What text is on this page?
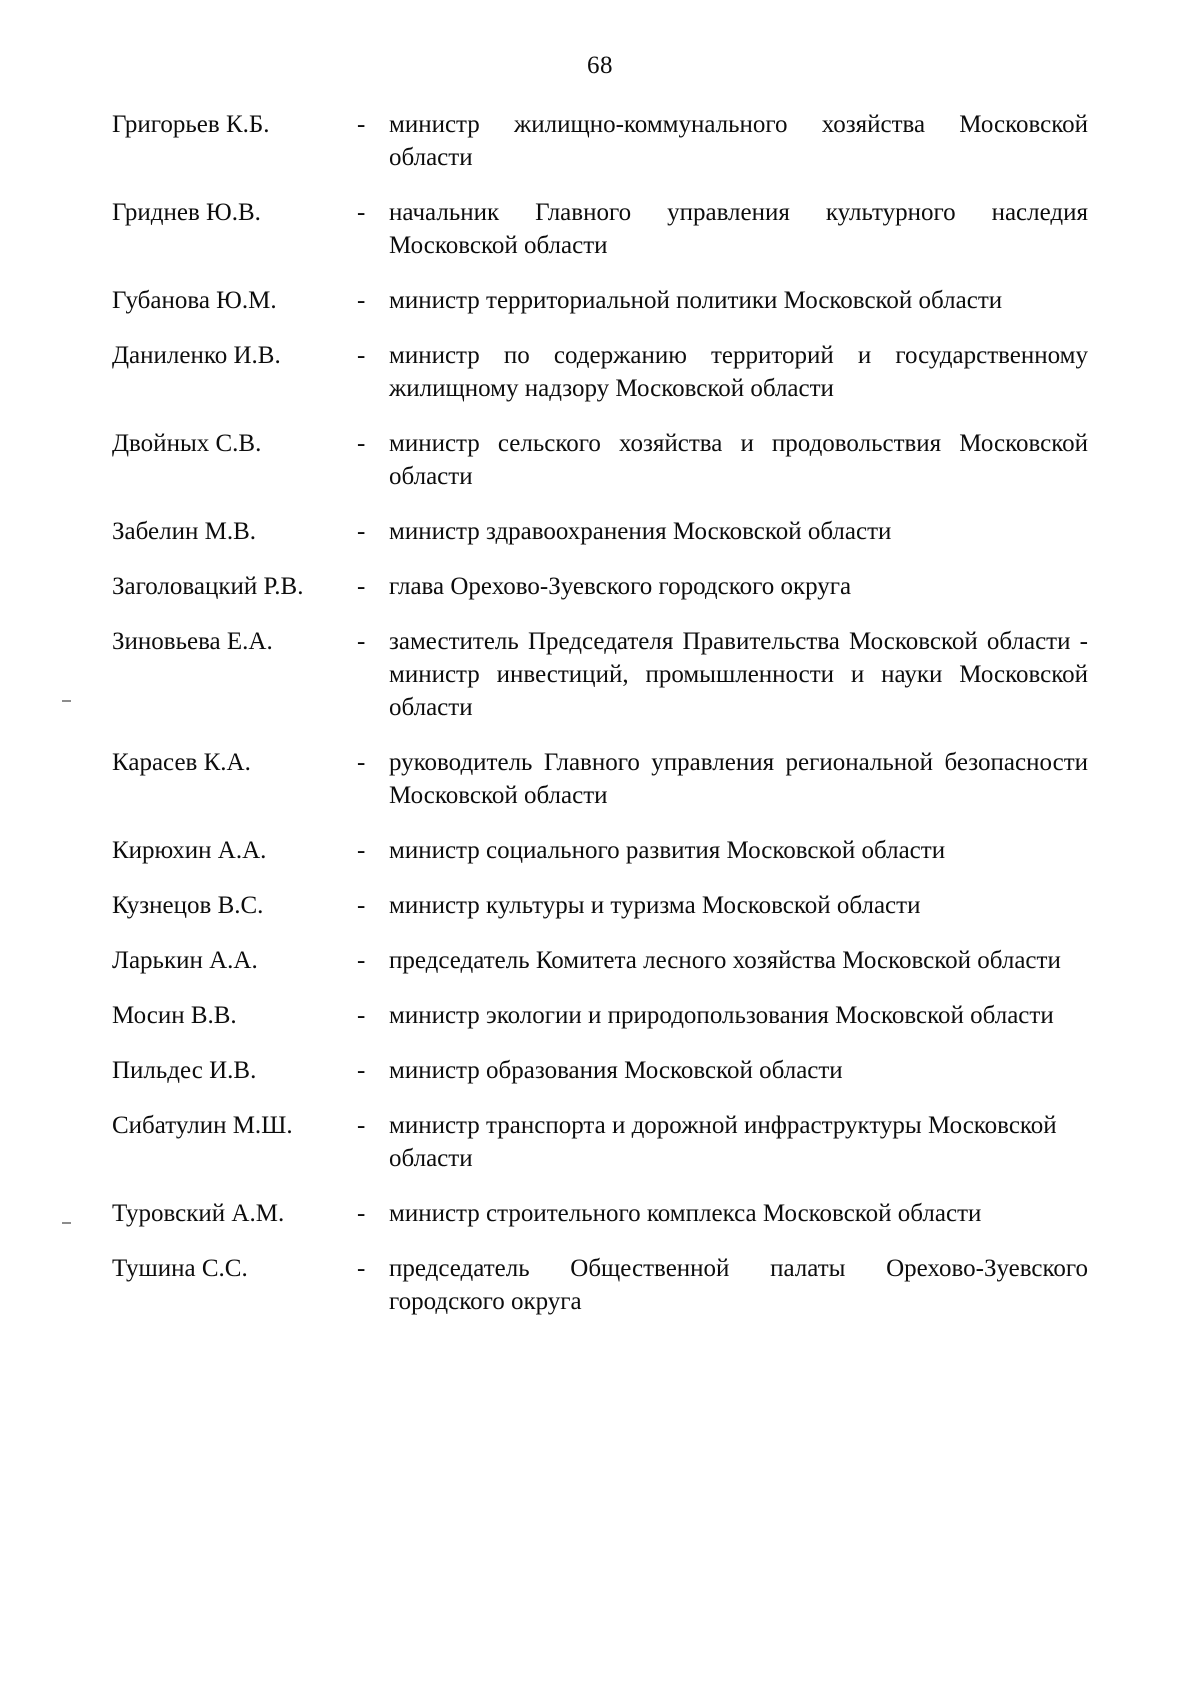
68
Григорьев К.Б.	- министр жилищно-коммунального хозяйства Московской области
Гриднев Ю.В.	- начальник Главного управления культурного наследия Московской области
Губанова Ю.М.	- министр территориальной политики Московской области
Даниленко И.В.	- министр по содержанию территорий и государственному жилищному надзору Московской области
Двойных С.В.	- министр сельского хозяйства и продовольствия Московской области
Забелин М.В.	- министр здравоохранения Московской области
Заголовацкий Р.В.	- глава Орехово-Зуевского городского округа
Зиновьева Е.А.	- заместитель Председателя Правительства Московской области - министр инвестиций, промышленности и науки Московской области
Карасев К.А.	- руководитель Главного управления региональной безопасности Московской области
Кирюхин А.А.	- министр социального развития Московской области
Кузнецов В.С.	- министр культуры и туризма Московской области
Ларькин А.А.	- председатель Комитета лесного хозяйства Московской области
Мосин В.В.	- министр экологии и природопользования Московской области
Пильдес И.В.	- министр образования Московской области
Сибатулин М.Ш.	- министр транспорта и дорожной инфраструктуры Московской области
Туровский А.М.	- министр строительного комплекса Московской области
Тушина С.С.	- председатель Общественной палаты Орехово-Зуевского городского округа
